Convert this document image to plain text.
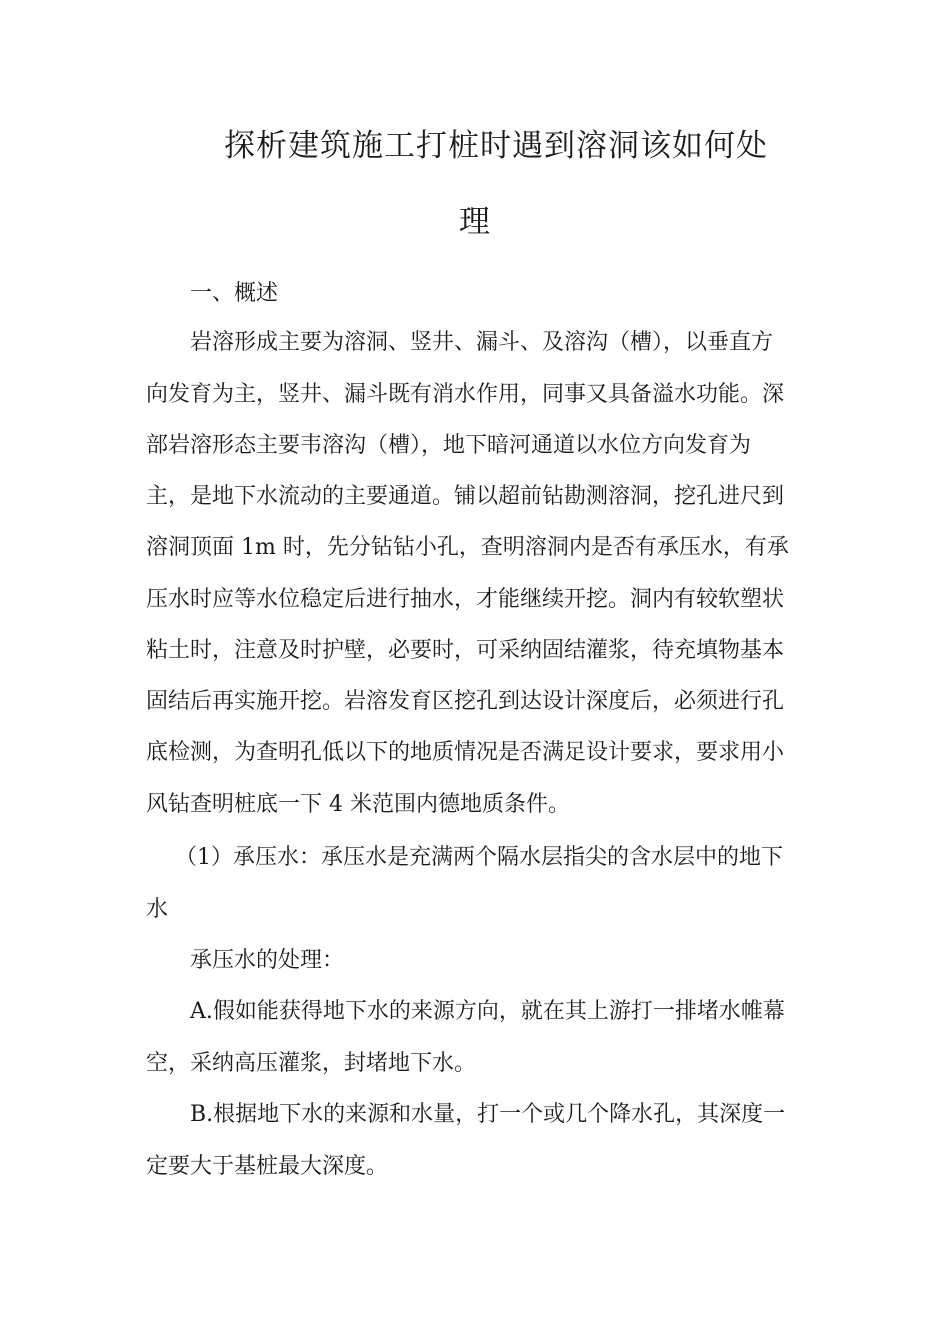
探析建筑施工打桩时遇到溶洞该如何处
理
一、概述
岩溶形成主要为溶洞、竖井、漏斗、及溶沟（槽），以垂直方
向发育为主，竖井、漏斗既有消水作用，同事又具备溢水功能。深
部岩溶形态主要韦溶沟（槽），地下暗河通道以水位方向发育为
主，是地下水流动的主要通道。铺以超前钻勘测溶洞，挖孔进尺到
溶洞顶面 1m 时，先分钻钻小孔，查明溶洞内是否有承压水，有承
压水时应等水位稳定后进行抽水，才能继续开挖。洞内有较软塑状
粘土时，注意及时护壁，必要时，可采纳固结灌浆，待充填物基本
固结后再实施开挖。岩溶发育区挖孔到达设计深度后，必须进行孔
底检测，为查明孔低以下的地质情况是否满足设计要求，要求用小
风钻查明桩底一下 4 米范围内德地质条件。
（1）承压水：承压水是充满两个隔水层指尖的含水层中的地下
水
承压水的处理：
A.假如能获得地下水的来源方向，就在其上游打一排堵水帷幕
空，采纳高压灌浆，封堵地下水。
B.根据地下水的来源和水量，打一个或几个降水孔，其深度一
定要大于基桩最大深度。
